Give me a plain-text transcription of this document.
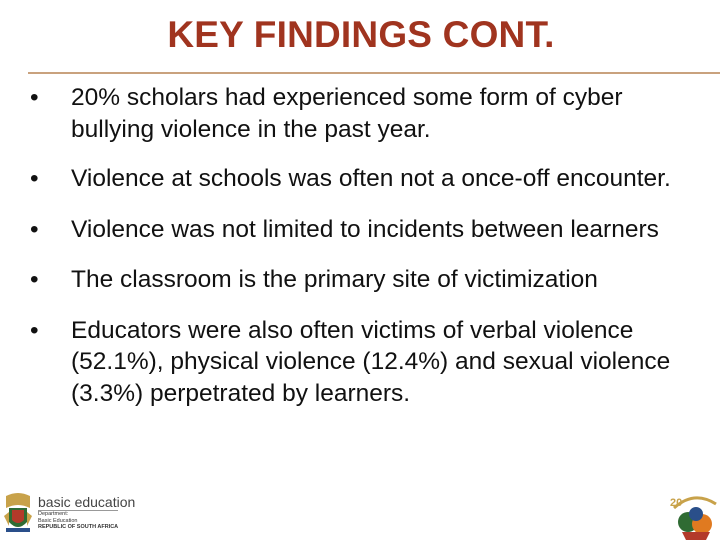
KEY FINDINGS CONT.
• 20% scholars had experienced some form of cyber bullying violence in the past year.
• Violence at schools was often not a once-off encounter.
• Violence was not limited to incidents between learners
• The classroom is the primary site of victimization
• Educators were also often victims of verbal violence (52.1%), physical violence (12.4%) and sexual violence (3.3%) perpetrated by learners.
basic education
Department:
Basic Education
REPUBLIC OF SOUTH AFRICA
20
